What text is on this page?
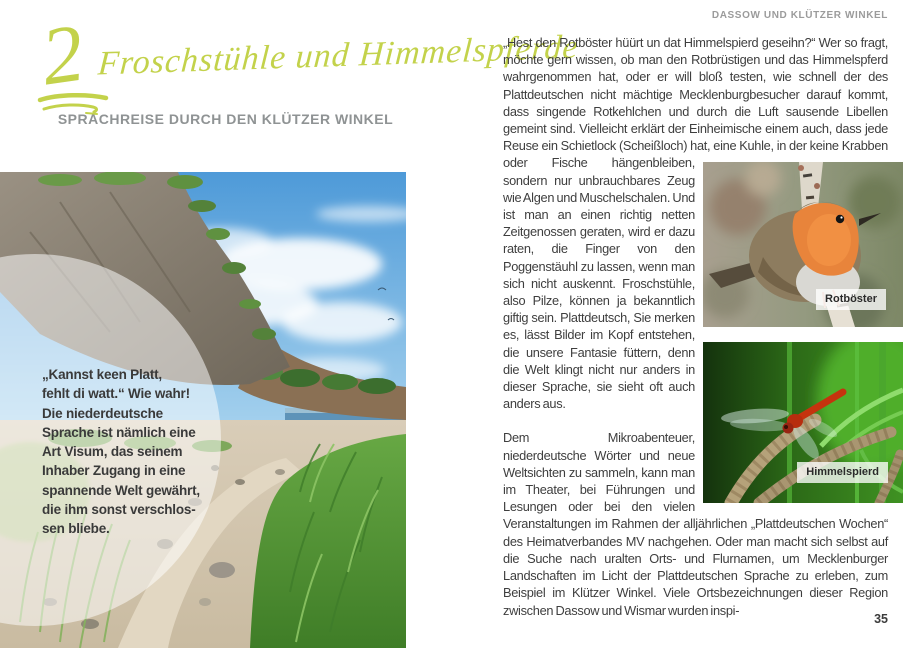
2 Froschstühle und Himmelspferde
SPRACHREISE DURCH DEN KLÜTZER WINKEL
„Kannst keen Platt,
fehlt di watt.“ Wie wahr!
Die niederdeutsche
Sprache ist nämlich eine
Art Visum, das seinem
Inhaber Zugang in eine
spannende Welt gewährt,
die ihm sonst verschlos-
sen bliebe.
DASSOW UND KLÜTZER WINKEL
Rotböster
Himmelspierd

„Hest den Rotböster hüürt un dat Himmelspierd geseihn?“ Wer so fragt, möchte gern wissen, ob man den Rotbrüstigen und das Himmelspferd wahrgenommen hat, oder er will bloß testen, wie schnell der des Plattdeutschen nicht mächtige Mecklenburgbesucher darauf kommt, dass singende Rotkehlchen und durch die Luft sausende Libellen gemeint sind. Vielleicht erklärt der Einheimische einem auch, dass jede Reuse ein Schietlock (Scheißloch) hat, eine Kuhle, in der keine Krabben oder Fische hängenbleiben, sondern nur unbrauchbares Zeug wie Algen und Muschelschalen. Und ist man an einen richtig netten Zeitgenossen geraten, wird er dazu raten, die Finger von den Poggenstäuhl zu lassen, wenn man sich nicht auskennt. Froschstühle, also Pilze, können ja bekanntlich giftig sein. Plattdeutsch, Sie merken es, lässt Bilder im Kopf entstehen, die unsere Fantasie füttern, denn die Welt klingt nicht nur anders in dieser Sprache, sie sieht oft auch anders aus.

Dem Mikroabenteuer, niederdeutsche Wörter und neue Weltsichten zu sammeln, kann man im Theater, bei Führungen und Lesungen oder bei den vielen Veranstaltungen im Rahmen der alljährlichen „Plattdeutschen Wochen“ des Heimatverbandes MV nachgehen. Oder man macht sich selbst auf die Suche nach uralten Orts- und Flurnamen, um Mecklenburger Landschaften im Licht der Plattdeutschen Sprache zu erleben, zum Beispiel im Klützer Winkel. Viele Ortsbezeichnungen dieser Region zwischen Dassow und Wismar wurden inspi-

35
